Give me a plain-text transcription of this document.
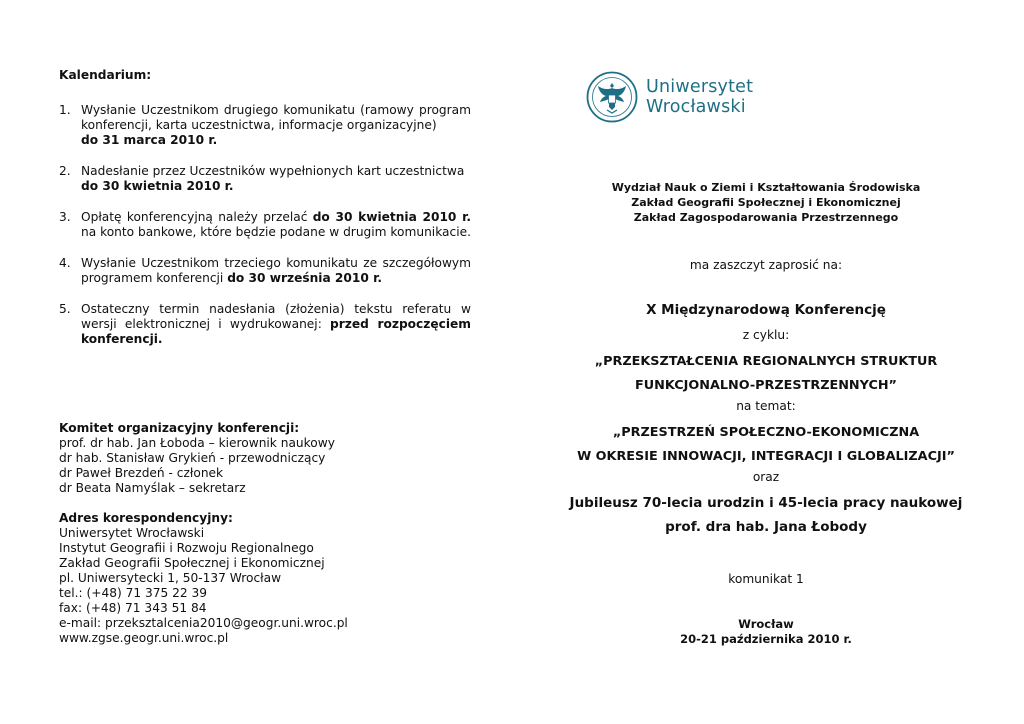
Kalendarium:
1. Wysłanie Uczestnikom drugiego komunikatu (ramowy program konferencji, karta uczestnictwa, informacje organizacyjne)
do 31 marca 2010 r.
2. Nadesłanie przez Uczestników wypełnionych kart uczestnictwa
do 30 kwietnia 2010 r.
3. Opłatę konferencyjną należy przelać do 30 kwietnia 2010 r. na konto bankowe, które będzie podane w drugim komunikacie.
4. Wysłanie Uczestnikom trzeciego komunikatu ze szczegółowym programem konferencji do 30 września 2010 r.
5. Ostateczny termin nadesłania (złożenia) tekstu referatu w wersji elektronicznej i wydrukowanej: przed rozpoczęciem konferencji.
Komitet organizacyjny konferencji:
prof. dr hab. Jan Łoboda – kierownik naukowy
dr hab. Stanisław Grykień - przewodniczący
dr Paweł Brezdeń - członek
dr Beata Namyślak – sekretarz
Adres korespondencyjny:
Uniwersytet Wrocławski
Instytut Geografii i Rozwoju Regionalnego
Zakład Geografii Społecznej i Ekonomicznej
pl. Uniwersytecki 1, 50-137 Wrocław
tel.: (+48) 71 375 22 39
fax: (+48) 71 343 51 84
e-mail: przeksztalcenia2010@geogr.uni.wroc.pl
www.zgse.geogr.uni.wroc.pl
Uniwersytet
Wrocławski
Wydział Nauk o Ziemi i Kształtowania Środowiska
Zakład Geografii Społecznej i Ekonomicznej
Zakład Zagospodarowania Przestrzennego
ma zaszczyt zaprosić na:
X Międzynarodową Konferencję
z cyklu:
„PRZEKSZTAŁCENIA REGIONALNYCH STRUKTUR
FUNKCJONALNO-PRZESTRZENNYCH”
na temat:
„PRZESTRZEŃ SPOŁECZNO-EKONOMICZNA
W OKRESIE INNOWACJI, INTEGRACJI I GLOBALIZACJI”
oraz
Jubileusz 70-lecia urodzin i 45-lecia pracy naukowej
prof. dra hab. Jana Łobody
komunikat 1
Wrocław
20-21 października 2010 r.
